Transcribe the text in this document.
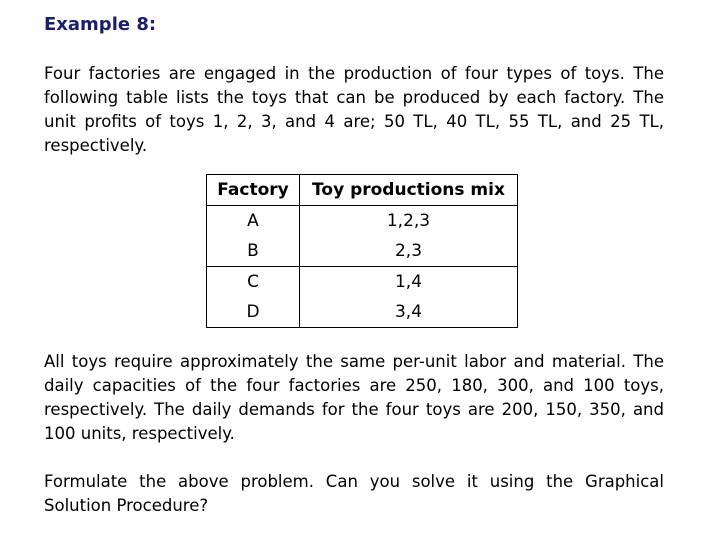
Example 8:
Four factories are engaged in the production of four types of toys. The following table lists the toys that can be produced by each factory. The unit profits of toys 1, 2, 3, and 4 are; 50 TL, 40 TL, 55 TL, and 25 TL, respectively.
Factory	Toy productions mix
A	1,2,3
B	2,3
C	1,4
D	3,4
All toys require approximately the same per-unit labor and material. The daily capacities of the four factories are 250, 180, 300, and 100 toys, respectively. The daily demands for the four toys are 200, 150, 350, and 100 units, respectively.
Formulate the above problem. Can you solve it using the Graphical Solution Procedure?
